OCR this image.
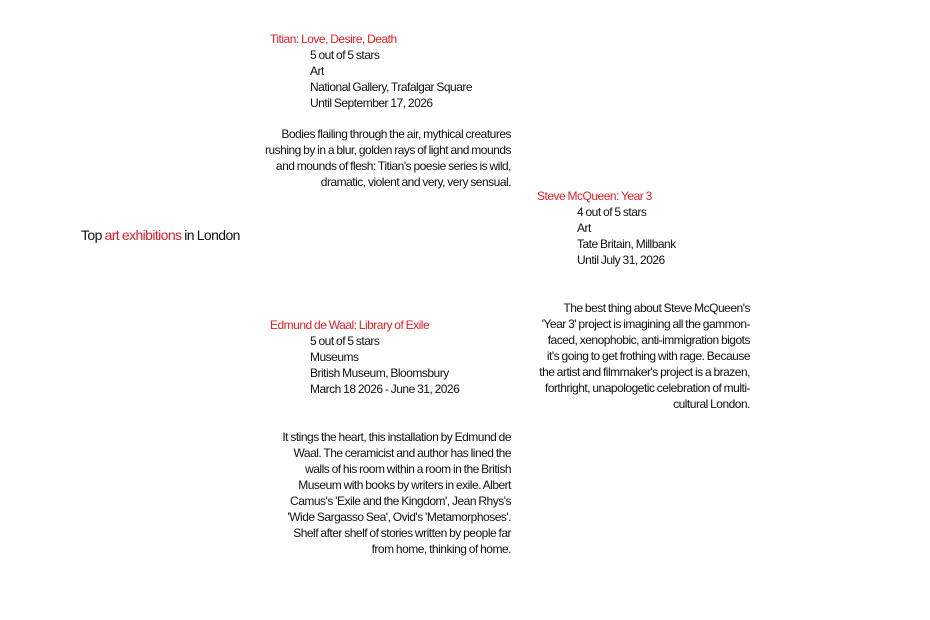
Top art exhibitions in London
Titian: Love, Desire, Death
5 out of 5 stars
Art
National Gallery, Trafalgar Square
Until September 17, 2026
Bodies flailing through the air, mythical creatures rushing by in a blur, golden rays of light and mounds and mounds of flesh: Titian's poesie series is wild, dramatic, violent and very, very sensual.
Steve McQueen: Year 3
4 out of 5 stars
Art
Tate Britain, Millbank
Until July 31, 2026
The best thing about Steve McQueen's 'Year 3' project is imagining all the gammon-faced, xenophobic, anti-immigration bigots it's going to get frothing with rage. Because the artist and filmmaker's project is a brazen, forthright, unapologetic celebration of multi-cultural London.
Edmund de Waal: Library of Exile
5 out of 5 stars
Museums
British Museum, Bloomsbury
March 18 2026 - June 31, 2026
It stings the heart, this installation by Edmund de Waal. The ceramicist and author has lined the walls of his room within a room in the British Museum with books by writers in exile. Albert Camus's 'Exile and the Kingdom', Jean Rhys's 'Wide Sargasso Sea', Ovid's 'Metamorphoses'. Shelf after shelf of stories written by people far from home, thinking of home.
